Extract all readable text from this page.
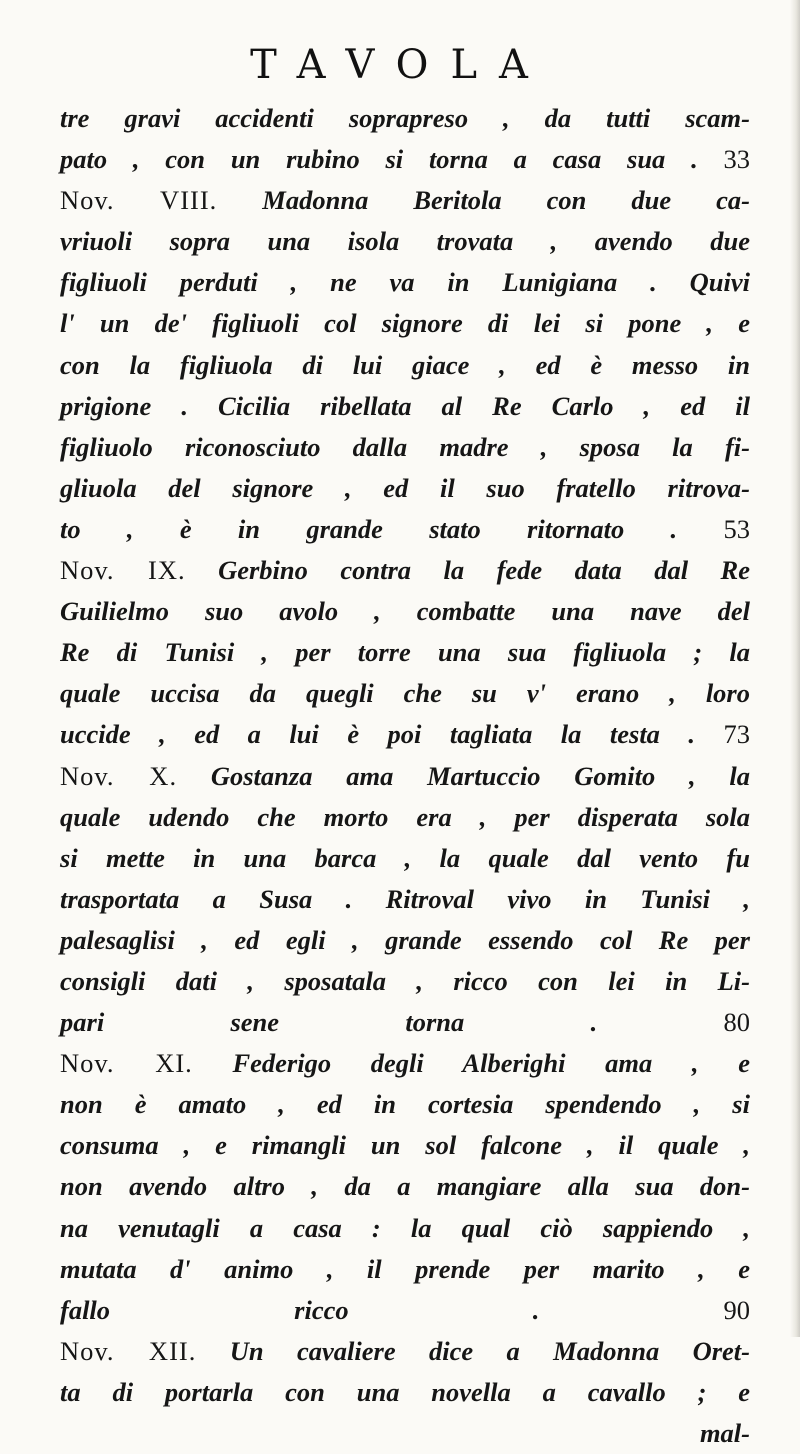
TAVOLA
tre gravi accidenti soprapreso , da tutti scam-
pato , con un rubino si torna a casa sua . 33
Nov. VIII. Madonna Beritola con due ca-
vriuoli sopra una isola trovata , avendo due
figliuoli perduti , ne va in Lunigiana . Quivi
l' un de' figliuoli col signore di lei si pone , e
con la figliuola di lui giace , ed è messo in
prigione . Cicilia ribellata al Re Carlo , ed il
figliuolo riconosciuto dalla madre , sposa la fi-
gliuola del signore , ed il suo fratello ritrova-
to , è in grande stato ritornato . 53
Nov. IX. Gerbino contra la fede data dal Re
Guilielmo suo avolo , combatte una nave del
Re di Tunisi , per torre una sua figliuola ; la
quale uccisa da quegli che su v' erano , loro
uccide , ed a lui è poi tagliata la testa . 73
Nov. X. Gostanza ama Martuccio Gomito , la
quale udendo che morto era , per disperata sola
si mette in una barca , la quale dal vento fu
trasportata a Susa . Ritroval vivo in Tunisi ,
palesaglisi , ed egli , grande essendo col Re per
consigli dati , sposatala , ricco con lei in Li-
pari sene torna .	80
Nov. XI. Federigo degli Alberighi ama , e
non è amato , ed in cortesia spendendo , si
consuma , e rimangli un sol falcone , il quale ,
non avendo altro , da a mangiare alla sua don-
na venutagli a casa : la qual ciò sappiendo ,
mutata d' animo , il prende per marito , e
fallo ricco .	90
Nov. XII. Un cavaliere dice a Madonna Oret-
ta di portarla con una novella a cavallo ; e
mal-
